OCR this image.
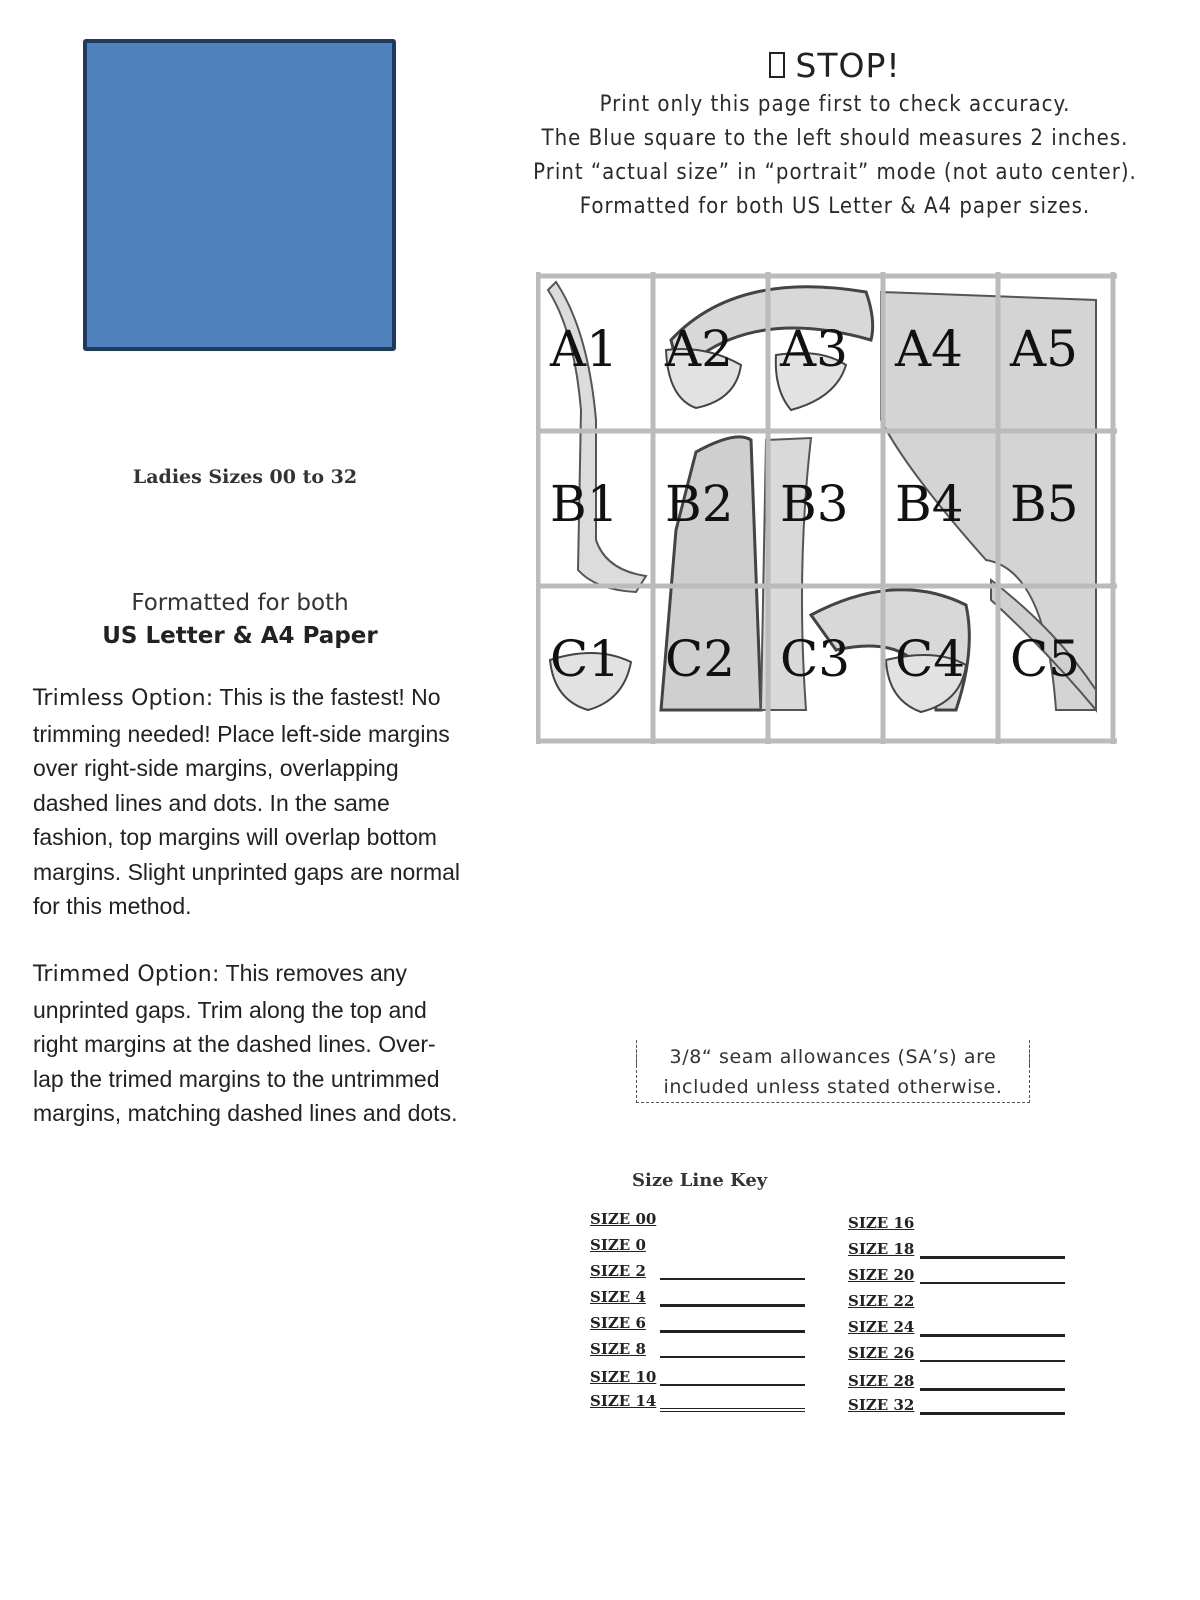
STOP!
Print only this page first to check accuracy.
The Blue square to the left should measures 2 inches.
Print “actual size” in “portrait” mode (not auto center).
Formatted for both US Letter & A4 paper sizes.
Ladies Sizes 00 to 32
Formatted for both
US Letter & A4 Paper
Trimless Option: This is the fastest! No trimming needed! Place left-side margins over right-side margins, overlapping dashed lines and dots. In the same fashion, top margins will overlap bottom margins. Slight unprinted gaps are normal for this method.
Trimmed Option: This removes any unprinted gaps. Trim along the top and right margins at the dashed lines. Over-lap the trimed margins to the untrimmed margins, matching dashed lines and dots.
A1 A2 A3 A4 A5
B1 B2 B3 B4 B5
C1 C2 C3 C4 C5
3/8“ seam allowances (SA’s) are
included unless stated otherwise.
Size Line Key
SIZE 00
SIZE 0
SIZE 2
SIZE 4
SIZE 6
SIZE 8
SIZE 10
SIZE 14
SIZE 16
SIZE 18
SIZE 20
SIZE 22
SIZE 24
SIZE 26
SIZE 28
SIZE 32
